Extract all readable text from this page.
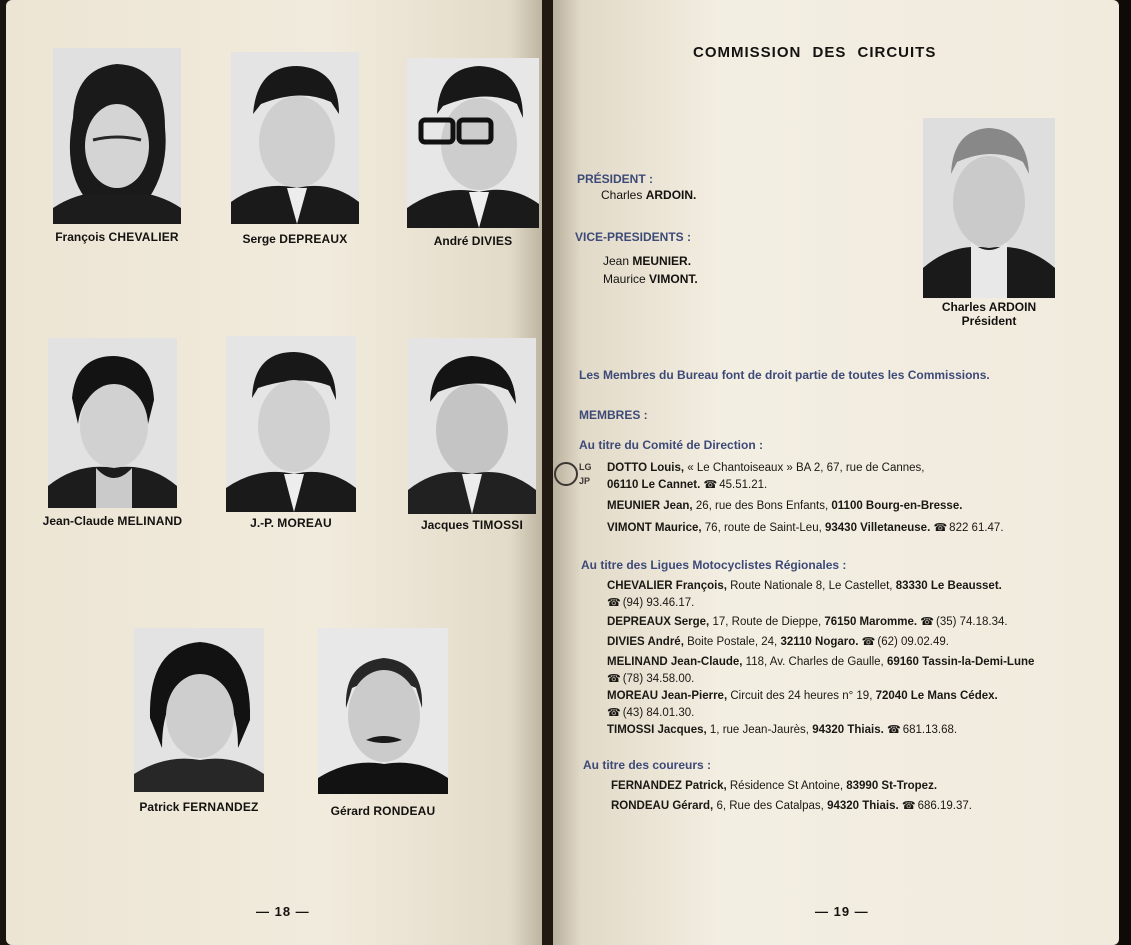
François CHEVALIER	Serge DEPREAUX	André DIVIES
Jean-Claude MELINAND	J.-P. MOREAU	Jacques TIMOSSI
Patrick FERNANDEZ	Gérard RONDEAU
— 18 —
COMMISSION DES CIRCUITS
PRÉSIDENT :
Charles ARDOIN.
VICE-PRESIDENTS :
Jean MEUNIER.
Maurice VIMONT.
Charles ARDOIN
Président
Les Membres du Bureau font de droit partie de toutes les Commissions.
MEMBRES :
Au titre du Comité de Direction :
DOTTO Louis, « Le Chantoiseaux » BA 2, 67, rue de Cannes,
06110 Le Cannet. ☎ 45.51.21.
MEUNIER Jean, 26, rue des Bons Enfants, 01100 Bourg-en-Bresse.
VIMONT Maurice, 76, route de Saint-Leu, 93430 Villetaneuse. ☎ 822 61.47.
Au titre des Ligues Motocyclistes Régionales :
CHEVALIER François, Route Nationale 8, Le Castellet, 83330 Le Beausset.
☎ (94) 93.46.17.
DEPREAUX Serge, 17, Route de Dieppe, 76150 Maromme. ☎ (35) 74.18.34.
DIVIES André, Boite Postale, 24, 32110 Nogaro. ☎ (62) 09.02.49.
MELINAND Jean-Claude, 118, Av. Charles de Gaulle, 69160 Tassin-la-Demi-Lune
☎ (78) 34.58.00.
MOREAU Jean-Pierre, Circuit des 24 heures n° 19, 72040 Le Mans Cédex.
☎ (43) 84.01.30.
TIMOSSI Jacques, 1, rue Jean-Jaurès, 94320 Thiais. ☎ 681.13.68.
Au titre des coureurs :
FERNANDEZ Patrick, Résidence St Antoine, 83990 St-Tropez.
RONDEAU Gérard, 6, Rue des Catalpas, 94320 Thiais. ☎ 686.19.37.
LG
JP
— 19 —
